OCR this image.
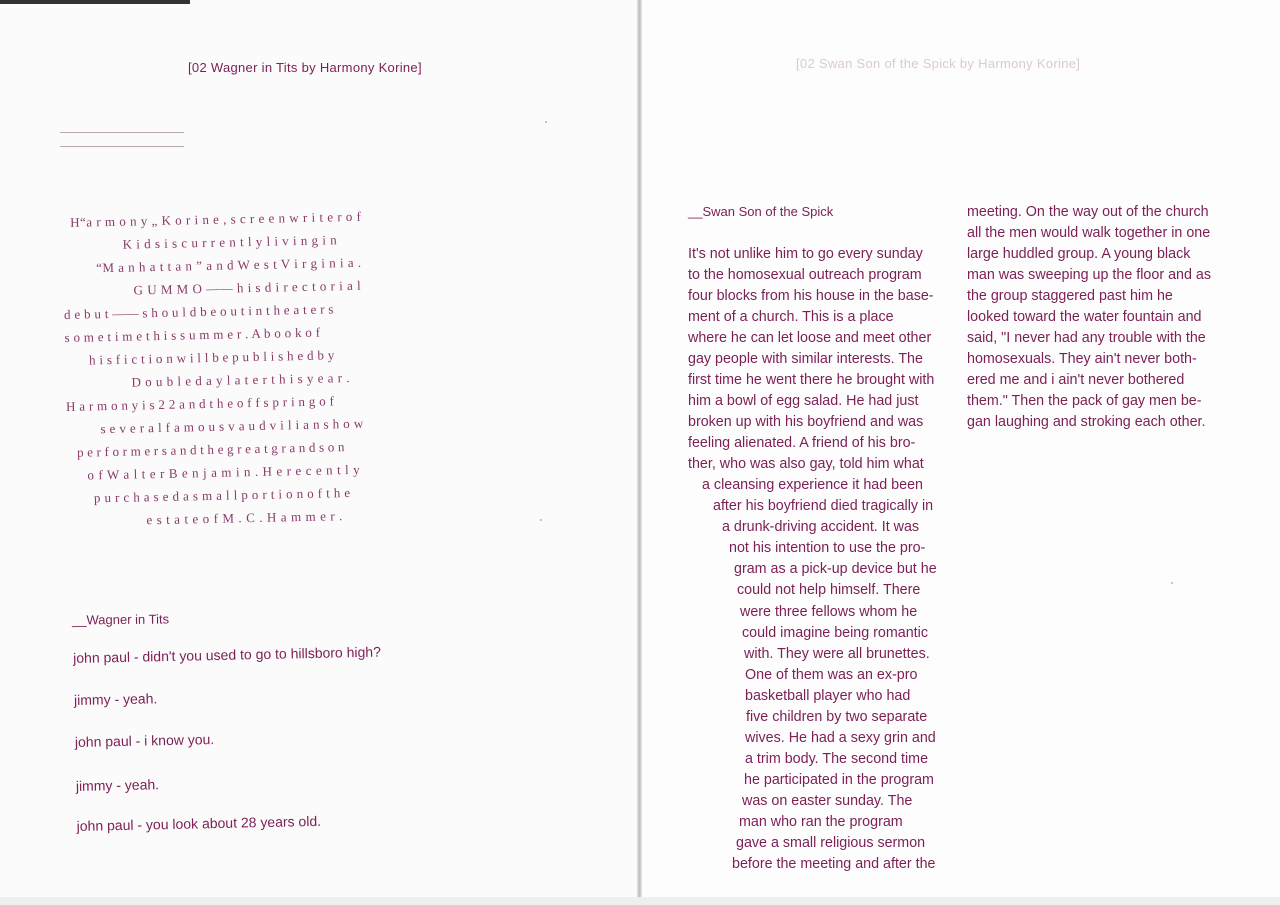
[02 Wagner in Tits by Harmony Korine]
H“а r m o n y „ K o r i n e , s c r e e n w r i t e r o f
K i d s i s c u r r e n t l y l i v i n g i n
“M a n h a t t a n ” a n d W e s t V i r g i n i a .
G U M M O —— h i s d i r e c t o r i a l
d e b u t —— s h o u l d b e o u t i n t h e a t e r s
s o m e t i m e t h i s s u m m e r . A b o o k o f
h i s f i c t i o n w i l l b e p u b l i s h e d b y
D o u b l e d a y l a t e r t h i s y e a r .
H a r m o n y i s 2 2 a n d t h e o f f s p r i n g o f
s e v e r a l f a m o u s v a u d v i l i a n s h o w
p e r f o r m e r s a n d t h e g r e a t g r a n d s o n
o f W a l t e r B e n j a m i n . H e r e c e n t l y
p u r c h a s e d a s m a l l p o r t i o n o f t h e
e s t a t e o f M . C . H a m m e r .
__Wagner in Tits
john paul - didn't you used to go to hillsboro high?
jimmy - yeah.
john paul - i know you.
jimmy - yeah.
john paul - you look about 28 years old.
[02 Swan Son of the Spick by Harmony Korine]
__Swan Son of the Spick
It's not unlike him to go every sunday
to the homosexual outreach program
four blocks from his house in the base-
ment of a church. This is a place
where he can let loose and meet other
gay people with similar interests. The
first time he went there he brought with
him a bowl of egg salad. He had just
broken up with his boyfriend and was
feeling alienated. A friend of his bro-
ther, who was also gay, told him what
a cleansing experience it had been
after his boyfriend died tragically in
a drunk-driving accident. It was
not his intention to use the pro-
gram as a pick-up device but he
could not help himself. There
were three fellows whom he
could imagine being romantic
with. They were all brunettes.
One of them was an ex-pro
basketball player who had
five children by two separate
wives. He had a sexy grin and
a trim body. The second time
he participated in the program
was on easter sunday. The
man who ran the program
gave a small religious sermon
before the meeting and after the
meeting. On the way out of the church
all the men would walk together in one
large huddled group. A young black
man was sweeping up the floor and as
the group staggered past him he
looked toward the water fountain and
said, "I never had any trouble with the
homosexuals. They ain't never both-
ered me and i ain't never bothered
them." Then the pack of gay men be-
gan laughing and stroking each other.
